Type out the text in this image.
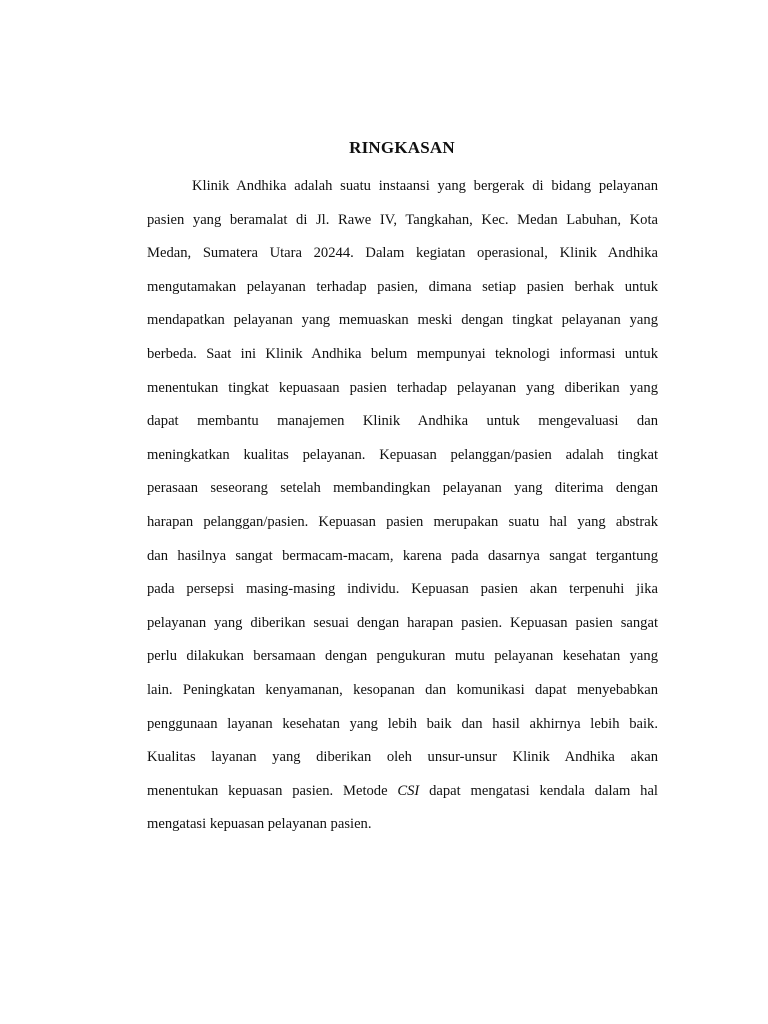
RINGKASAN
Klinik Andhika adalah suatu instaansi yang bergerak di bidang pelayanan
pasien yang beramalat di Jl. Rawe IV, Tangkahan, Kec. Medan Labuhan, Kota
Medan, Sumatera Utara 20244. Dalam kegiatan operasional, Klinik Andhika
mengutamakan pelayanan terhadap pasien, dimana setiap pasien berhak untuk
mendapatkan pelayanan yang memuaskan meski dengan tingkat pelayanan yang
berbeda. Saat ini Klinik Andhika belum mempunyai teknologi informasi untuk
menentukan tingkat kepuasaan pasien terhadap pelayanan yang diberikan yang
dapat membantu manajemen Klinik Andhika untuk mengevaluasi dan
meningkatkan kualitas pelayanan. Kepuasan pelanggan/pasien adalah tingkat
perasaan seseorang setelah membandingkan pelayanan yang diterima dengan
harapan pelanggan/pasien. Kepuasan pasien merupakan suatu hal yang abstrak
dan hasilnya sangat bermacam-macam, karena pada dasarnya sangat tergantung
pada persepsi masing-masing individu. Kepuasan pasien akan terpenuhi jika
pelayanan yang diberikan sesuai dengan harapan pasien. Kepuasan pasien sangat
perlu dilakukan bersamaan dengan pengukuran mutu pelayanan kesehatan yang
lain. Peningkatan kenyamanan, kesopanan dan komunikasi dapat menyebabkan
penggunaan layanan kesehatan yang lebih baik dan hasil akhirnya lebih baik.
Kualitas layanan yang diberikan oleh unsur-unsur Klinik Andhika akan
menentukan kepuasan pasien. Metode CSI dapat mengatasi kendala dalam hal
mengatasi kepuasan pelayanan pasien.
